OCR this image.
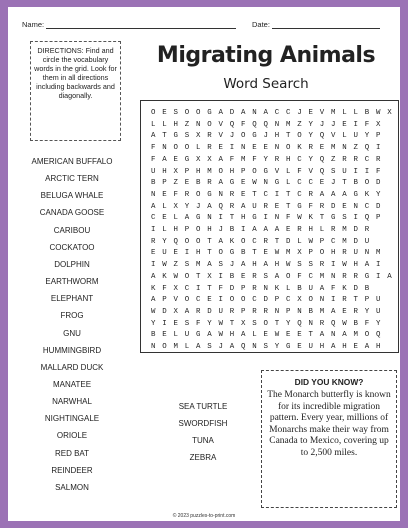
Name:	Date:
DIRECTIONS: Find and circle the vocabulary words in the grid. Look for them in all directions including backwards and diagonally.
Migrating Animals
Word Search
O E S O O G A D A N A C C J E V M L L B W X
L L H Z N O V Q F Q Q N M Z Y J J E I F X
A T G S X R V J O G J H T O Y Q V L U Y P
F N O O L R E I N E E N O K R E M N Z Q I
F A E G X X A F M F Y R H C Y Q Z R R C R
U H X P H M O H P O G V L F V Q S U I I F
B P Z E B R A G E W N G L C C E J T B O D
N E F R O G N R E T C I T C R A A A G K Y
A L X Y J A Q R A U R E T G F R D E N C D
C E L A G N I T H G I N F W K T G S I Q P
I L H P O H J B I A A A E R H L R M D R
R Y Q O O T A K O C R T D L W P C M D U
E U E I H T O G B T E W M X P O H R U N M
I W Z S M A S J A H A H W S S R I W H A I
A K W O T X I B E R S A O F C M N R R G I A
K F X C I T F D P R N K L B U A F K D B
A P V O C E I O O C D P C X O N I R T P U
W D X A R D U R P R R N P N B M A E R Y U
Y I E S F Y W T X S O T Y Q N R Q W B F Y
B E L U G A W H A L E W E E T A N A M O Q
N O M L A S J A Q N S Y G E U H A H E A H
AMERICAN BUFFALO
ARCTIC TERN
BELUGA WHALE
CANADA GOOSE
CARIBOU
COCKATOO
DOLPHIN
EARTHWORM
ELEPHANT
FROG
GNU
HUMMINGBIRD
MALLARD DUCK
MANATEE
NARWHAL
NIGHTINGALE
ORIOLE
RED BAT
REINDEER
SALMON
SEA TURTLE
SWORDFISH
TUNA
ZEBRA
DID YOU KNOW?
The Monarch butterfly is known for its incredible migration pattern. Every year, millions of Monarchs make their way from Canada to Mexico, covering up to 2,500 miles.
© 2023 puzzles-to-print.com
